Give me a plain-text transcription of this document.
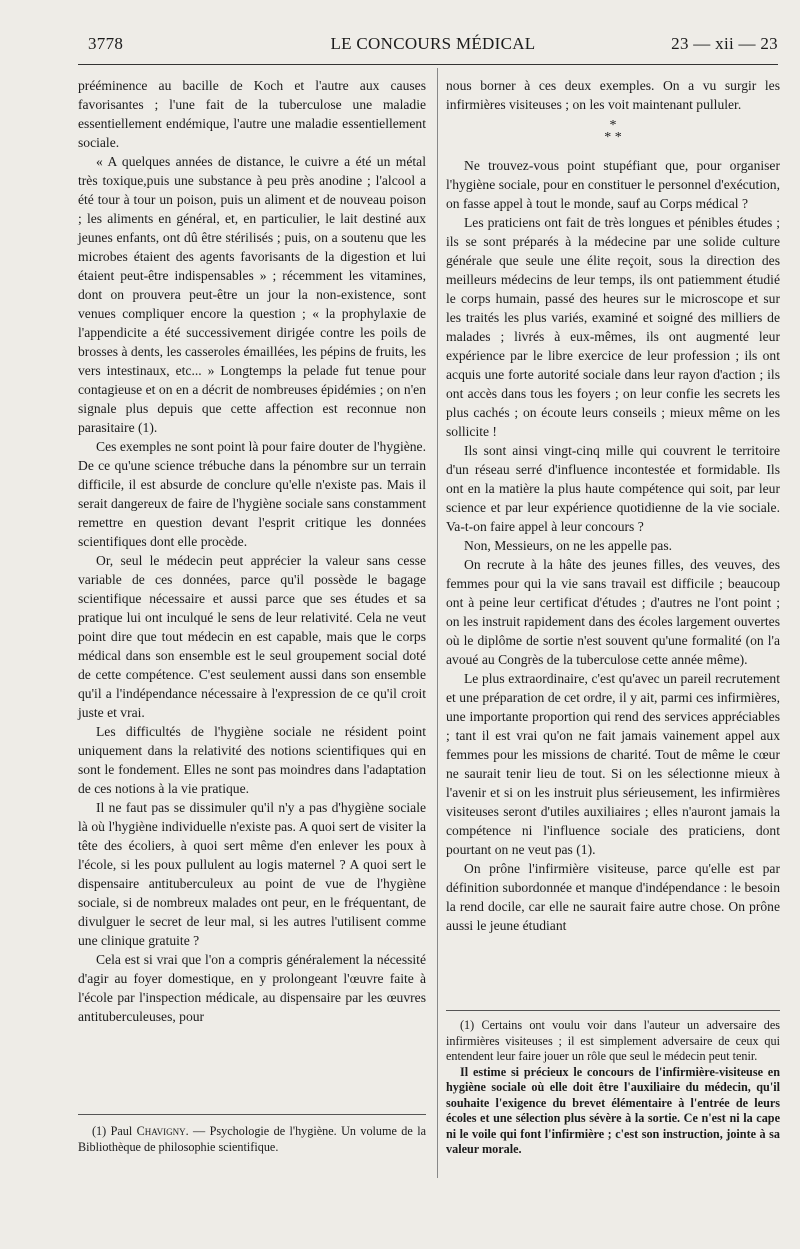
3778	LE CONCOURS MÉDICAL	23 — xii — 23

prééminence au bacille de Koch et l'autre aux causes favorisantes ; l'une fait de la tuberculose une maladie essentiellement endémique, l'autre une maladie essentiellement sociale.

« A quelques années de distance, le cuivre a été un métal très toxique,puis une substance à peu près anodine ; l'alcool a été tour à tour un poison, puis un aliment et de nouveau poison ; les aliments en général, et, en particulier, le lait destiné aux jeunes enfants, ont dû être stérilisés ; puis, on a soutenu que les microbes étaient des agents favorisants de la digestion et lui étaient peut-être indispensables » ; récemment les vitamines, dont on prouvera peut-être un jour la non-existence, sont venues compliquer encore la question ; « la prophylaxie de l'appendicite a été successivement dirigée contre les poils de brosses à dents, les casseroles émaillées, les pépins de fruits, les vers intestinaux, etc... » Longtemps la pelade fut tenue pour contagieuse et on en a décrit de nombreuses épidémies ; on n'en signale plus depuis que cette affection est reconnue non parasitaire (1).

Ces exemples ne sont point là pour faire douter de l'hygiène. De ce qu'une science trébuche dans la pénombre sur un terrain difficile, il est absurde de conclure qu'elle n'existe pas. Mais il serait dangereux de faire de l'hygiène sociale sans constamment remettre en question devant l'esprit critique les données scientifiques dont elle procède.

Or, seul le médecin peut apprécier la valeur sans cesse variable de ces données, parce qu'il possède le bagage scientifique nécessaire et aussi parce que ses études et sa pratique lui ont inculqué le sens de leur relativité. Cela ne veut point dire que tout médecin en est capable, mais que le corps médical dans son ensemble est le seul groupement social doté de cette compétence. C'est seulement aussi dans son ensemble qu'il a l'indépendance nécessaire à l'expression de ce qu'il croit juste et vrai.

Les difficultés de l'hygiène sociale ne résident point uniquement dans la relativité des notions scientifiques qui en sont le fondement. Elles ne sont pas moindres dans l'adaptation de ces notions à la vie pratique.

Il ne faut pas se dissimuler qu'il n'y a pas d'hygiène sociale là où l'hygiène individuelle n'existe pas. A quoi sert de visiter la tête des écoliers, à quoi sert même d'en enlever les poux à l'école, si les poux pullulent au logis maternel ? A quoi sert le dispensaire antituberculeux au point de vue de l'hygiène sociale, si de nombreux malades ont peur, en le fréquentant, de divulguer le secret de leur mal, si les autres l'utilisent comme une clinique gratuite ?

Cela est si vrai que l'on a compris généralement la nécessité d'agir au foyer domestique, en y prolongeant l'œuvre faite à l'école par l'inspection médicale, au dispensaire par les œuvres antituberculeuses, pour

(1) Paul Chavigny. — Psychologie de l'hygiène. Un volume de la Bibliothèque de philosophie scientifique.

nous borner à ces deux exemples. On a vu surgir les infirmières visiteuses ; on les voit maintenant pulluler.

*
* *

Ne trouvez-vous point stupéfiant que, pour organiser l'hygiène sociale, pour en constituer le personnel d'exécution, on fasse appel à tout le monde, sauf au Corps médical ?

Les praticiens ont fait de très longues et pénibles études ; ils se sont préparés à la médecine par une solide culture générale que seule une élite reçoit, sous la direction des meilleurs médecins de leur temps, ils ont patiemment étudié le corps humain, passé des heures sur le microscope et sur les traités les plus variés, examiné et soigné des milliers de malades ; livrés à eux-mêmes, ils ont augmenté leur expérience par le libre exercice de leur profession ; ils ont acquis une forte autorité sociale dans leur rayon d'action ; ils ont accès dans tous les foyers ; on leur confie les secrets les plus cachés ; on écoute leurs conseils ; mieux même on les sollicite !

Ils sont ainsi vingt-cinq mille qui couvrent le territoire d'un réseau serré d'influence incontestée et formidable. Ils ont en la matière la plus haute compétence qui soit, par leur science et par leur expérience quotidienne de la vie sociale. Va-t-on faire appel à leur concours ?

Non, Messieurs, on ne les appelle pas.

On recrute à la hâte des jeunes filles, des veuves, des femmes pour qui la vie sans travail est difficile ; beaucoup ont à peine leur certificat d'études ; d'autres ne l'ont point ; on les instruit rapidement dans des écoles largement ouvertes où le diplôme de sortie n'est souvent qu'une formalité (on l'a avoué au Congrès de la tuberculose cette année même).

Le plus extraordinaire, c'est qu'avec un pareil recrutement et une préparation de cet ordre, il y ait, parmi ces infirmières, une importante proportion qui rend des services appréciables ; tant il est vrai qu'on ne fait jamais vainement appel aux femmes pour les missions de charité. Tout de même le cœur ne saurait tenir lieu de tout. Si on les sélectionne mieux à l'avenir et si on les instruit plus sérieusement, les infirmières visiteuses seront d'utiles auxiliaires ; elles n'auront jamais la compétence ni l'influence sociale des praticiens, dont pourtant on ne veut pas (1).

On prône l'infirmière visiteuse, parce qu'elle est par définition subordonnée et manque d'indépendance : le besoin la rend docile, car elle ne saurait faire autre chose. On prône aussi le jeune étudiant

(1) Certains ont voulu voir dans l'auteur un adversaire des infirmières visiteuses ; il est simplement adversaire de ceux qui entendent leur faire jouer un rôle que seul le médecin peut tenir.

Il estime si précieux le concours de l'infirmière-visiteuse en hygiène sociale où elle doit être l'auxiliaire du médecin, qu'il souhaite l'exigence du brevet élémentaire à l'entrée de leurs écoles et une sélection plus sévère à la sortie. Ce n'est ni la cape ni le voile qui font l'infirmière ; c'est son instruction, jointe à sa valeur morale.
